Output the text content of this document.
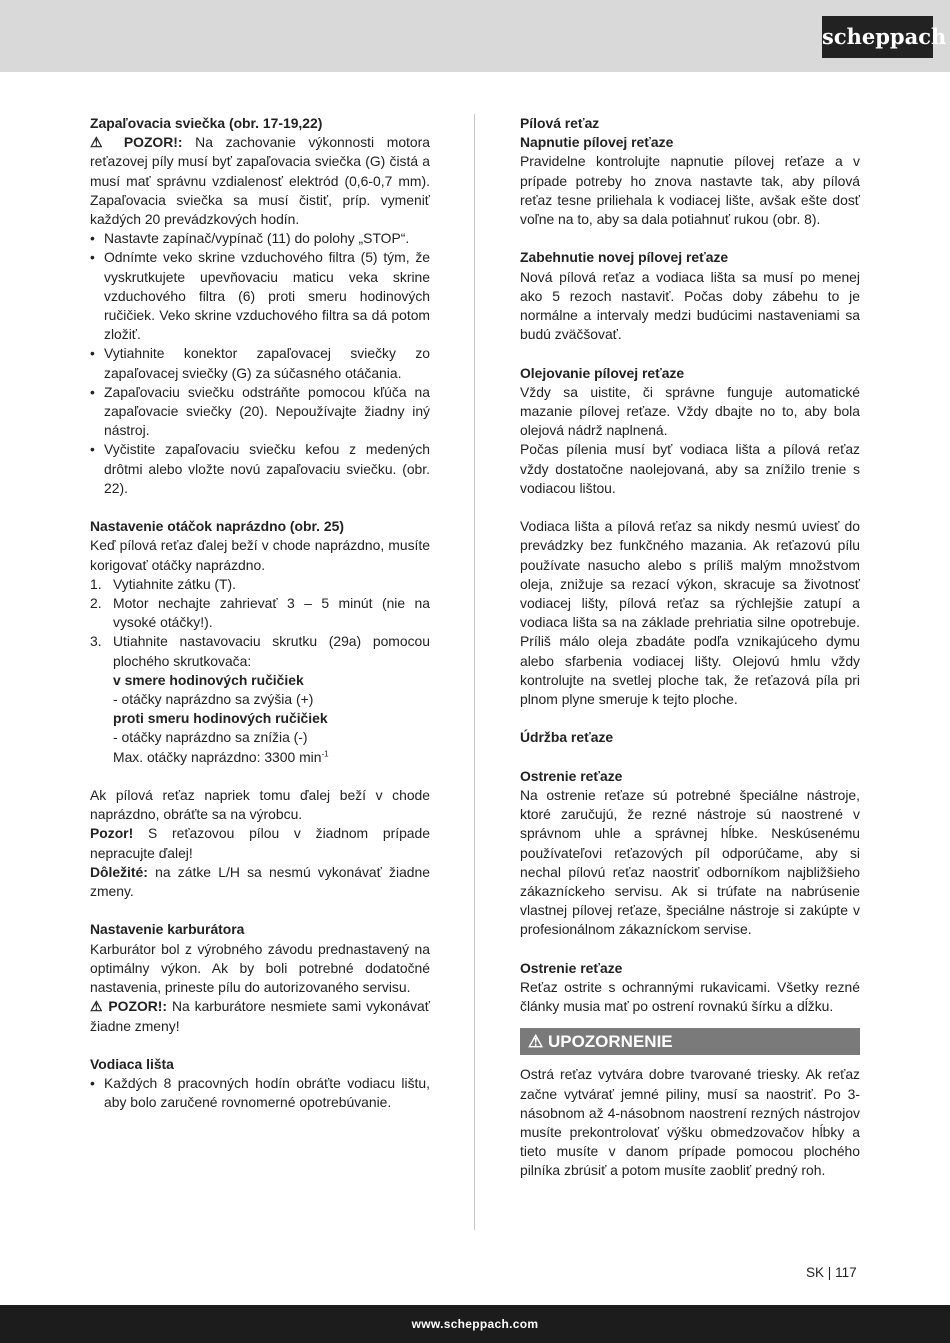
scheppach

Zapaľovacia sviečka (obr. 17-19,22)

⚠ POZOR!: Na zachovanie výkonnosti motora reťazovej píly musí byť zapaľovacia sviečka (G) čistá a musí mať správnu vzdialenosť elektród (0,6-0,7 mm). Zapaľovacia sviečka sa musí čistiť, príp. vymeniť každých 20 prevádzkových hodín.

• Nastavte zapínač/vypínač (11) do polohy „STOP“.
• Odnímte veko skrine vzduchového filtra (5) tým, že vyskrutkujete upevňovaciu maticu veka skrine vzduchového filtra (6) proti smeru hodinových ručičiek. Veko skrine vzduchového filtra sa dá potom zložiť.
• Vytiahnite konektor zapaľovacej sviečky zo zapaľovacej sviečky (G) za súčasného otáčania.
• Zapaľovaciu sviečku odstráňte pomocou kľúča na zapaľovacie sviečky (20). Nepoužívajte žiadny iný nástroj.
• Vyčistite zapaľovaciu sviečku kefou z medených drôtmi alebo vložte novú zapaľovaciu sviečku. (obr. 22).

Nastavenie otáčok naprázdno (obr. 25)

Keď pílová reťaz ďalej beží v chode naprázdno, musíte korigovať otáčky naprázdno.

1. Vytiahnite zátku (T).
2. Motor nechajte zahrievať 3 – 5 minút (nie na vysoké otáčky!).
3. Utiahnite nastavovaciu skrutku (29a) pomocou plochého skrutkovača:
v smere hodinových ručičiek
- otáčky naprázdno sa zvýšia (+)
proti smeru hodinových ručičiek
- otáčky naprázdno sa znížia (-)
Max. otáčky naprázdno: 3300 $\min^{-1}$

Ak pílová reťaz napriek tomu ďalej beží v chode naprázdno, obráťte sa na výrobcu.

Pozor! S reťazovou pílou v žiadnom prípade nepracujte ďalej!

Dôležité: na zátke L/H sa nesmú vykonávať žiadne zmeny.

Nastavenie karburátora

Karburátor bol z výrobného závodu prednastavený na optimálny výkon. Ak by boli potrebné dodatočné nastavenia, prineste pílu do autorizovaného servisu.

⚠ POZOR!: Na karburátore nesmiete sami vykonávať žiadne zmeny!

Vodiaca lišta

• Každých 8 pracovných hodín obráťte vodiacu lištu, aby bolo zaručené rovnomerné opotrebúvanie.

Pílová reťaz

Napnutie pílovej reťaze

Pravidelne kontrolujte napnutie pílovej reťaze a v prípade potreby ho znova nastavte tak, aby pílová reťaz tesne priliehala k vodiacej lište, avšak ešte dosť voľne na to, aby sa dala potiahnuť rukou (obr. 8).

Zabehnutie novej pílovej reťaze

Nová pílová reťaz a vodiaca lišta sa musí po menej ako 5 rezoch nastaviť. Počas doby zábehu to je normálne a intervaly medzi budúcimi nastaveniami sa budú zväčšovať.

Olejovanie pílovej reťaze

Vždy sa uistite, či správne funguje automatické mazanie pílovej reťaze. Vždy dbajte no to, aby bola olejová nádrž naplnená.

Počas pílenia musí byť vodiaca lišta a pílová reťaz vždy dostatočne naolejovaná, aby sa znížilo trenie s vodiacou lištou.

Vodiaca lišta a pílová reťaz sa nikdy nesmú uviesť do prevádzky bez funkčného mazania. Ak reťazovú pílu používate nasucho alebo s príliš malým množstvom oleja, znižuje sa rezací výkon, skracuje sa životnosť vodiacej lišty, pílová reťaz sa rýchlejšie zatupí a vodiaca lišta sa na základe prehriatia silne opotrebuje. Príliš málo oleja zbadáte podľa vznikajúceho dymu alebo sfarbenia vodiacej lišty. Olejovú hmlu vždy kontrolujte na svetlej ploche tak, že reťazová píla pri plnom plyne smeruje k tejto ploche.

Údržba reťaze

Ostrenie reťaze

Na ostrenie reťaze sú potrebné špeciálne nástroje, ktoré zaručujú, že rezné nástroje sú naostrené v správnom uhle a správnej hĺbke. Neskúsenému používateľovi reťazových píl odporúčame, aby si nechal pílovú reťaz naostriť odborníkom najbližšieho zákazníckeho servisu. Ak si trúfate na nabrúsenie vlastnej pílovej reťaze, špeciálne nástroje si zakúpte v profesionálnom zákazníckom servise.

Ostrenie reťaze

Reťaz ostrite s ochrannými rukavicami. Všetky rezné články musia mať po ostrení rovnakú šírku a dĺžku.

⚠ UPOZORNENIE

Ostrá reťaz vytvára dobre tvarované triesky. Ak reťaz začne vytvárať jemné piliny, musí sa naostriť. Po 3-násobnom až 4-násobnom naostrení rezných nástrojov musíte prekontrolovať výšku obmedzovačov hĺbky a tieto musíte v danom prípade pomocou plochého pilníka zbrúsiť a potom musíte zaobliť predný roh.

SK | 117
www.scheppach.com
